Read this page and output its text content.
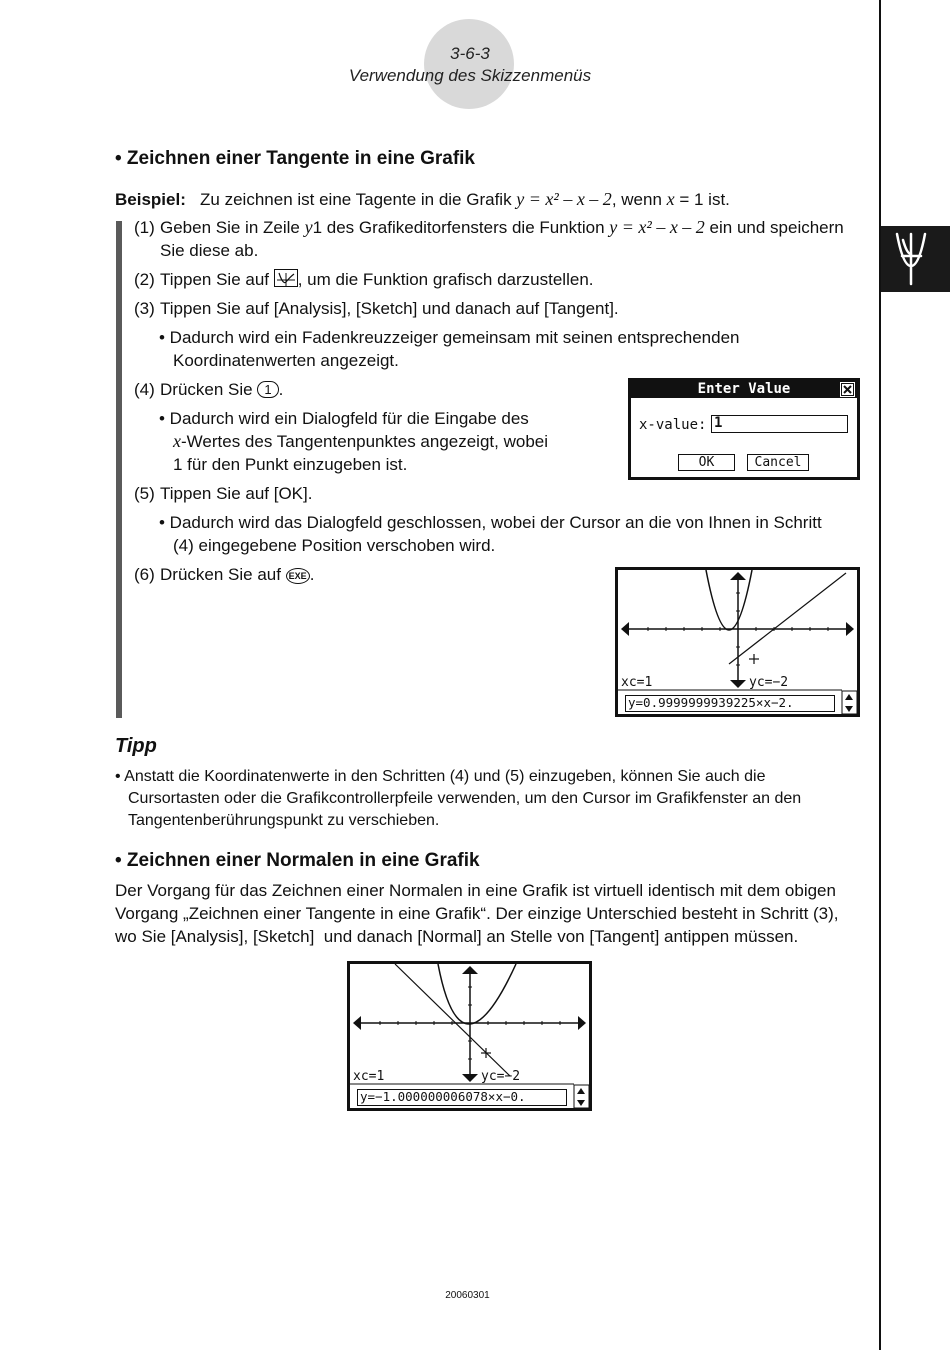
3-6-3
Verwendung des Skizzenmenüs
• Zeichnen einer Tangente in eine Grafik
Beispiel: Zu zeichnen ist eine Tagente in die Grafik y = x² – x – 2, wenn x = 1 ist.
(1) Geben Sie in Zeile y1 des Grafikeditorfensters die Funktion y = x² – x – 2 ein und speichern
Sie diese ab.
(2) Tippen Sie auf , um die Funktion grafisch darzustellen.
(3) Tippen Sie auf [Analysis], [Sketch] und danach auf [Tangent].
• Dadurch wird ein Fadenkreuzzeiger gemeinsam mit seinen entsprechenden
Koordinatenwerten angezeigt.
(4) Drücken Sie 1 .
• Dadurch wird ein Dialogfeld für die Eingabe des
x-Wertes des Tangentenpunktes angezeigt, wobei
1 für den Punkt einzugeben ist.
Enter Value
x-value: 1
OK	Cancel
(5) Tippen Sie auf [OK].
• Dadurch wird das Dialogfeld geschlossen, wobei der Cursor an die von Ihnen in Schritt
(4) eingegebene Position verschoben wird.
(6) Drücken Sie auf EXE .
xc=1	yc=−2
y=0.9999999939225×x−2.
Tipp
• Anstatt die Koordinatenwerte in den Schritten (4) und (5) einzugeben, können Sie auch die
Cursortasten oder die Grafikcontrollerpfeile verwenden, um den Cursor im Grafikfenster an den
Tangentenberührungspunkt zu verschieben.
• Zeichnen einer Normalen in eine Grafik
Der Vorgang für das Zeichnen einer Normalen in eine Grafik ist virtuell identisch mit dem obigen
Vorgang „Zeichnen einer Tangente in eine Grafik“. Der einzige Unterschied besteht in Schritt (3),
wo Sie [Analysis], [Sketch]  und danach [Normal] an Stelle von [Tangent] antippen müssen.
xc=1	yc=−2
y=−1.000000006078×x−0.
20060301
